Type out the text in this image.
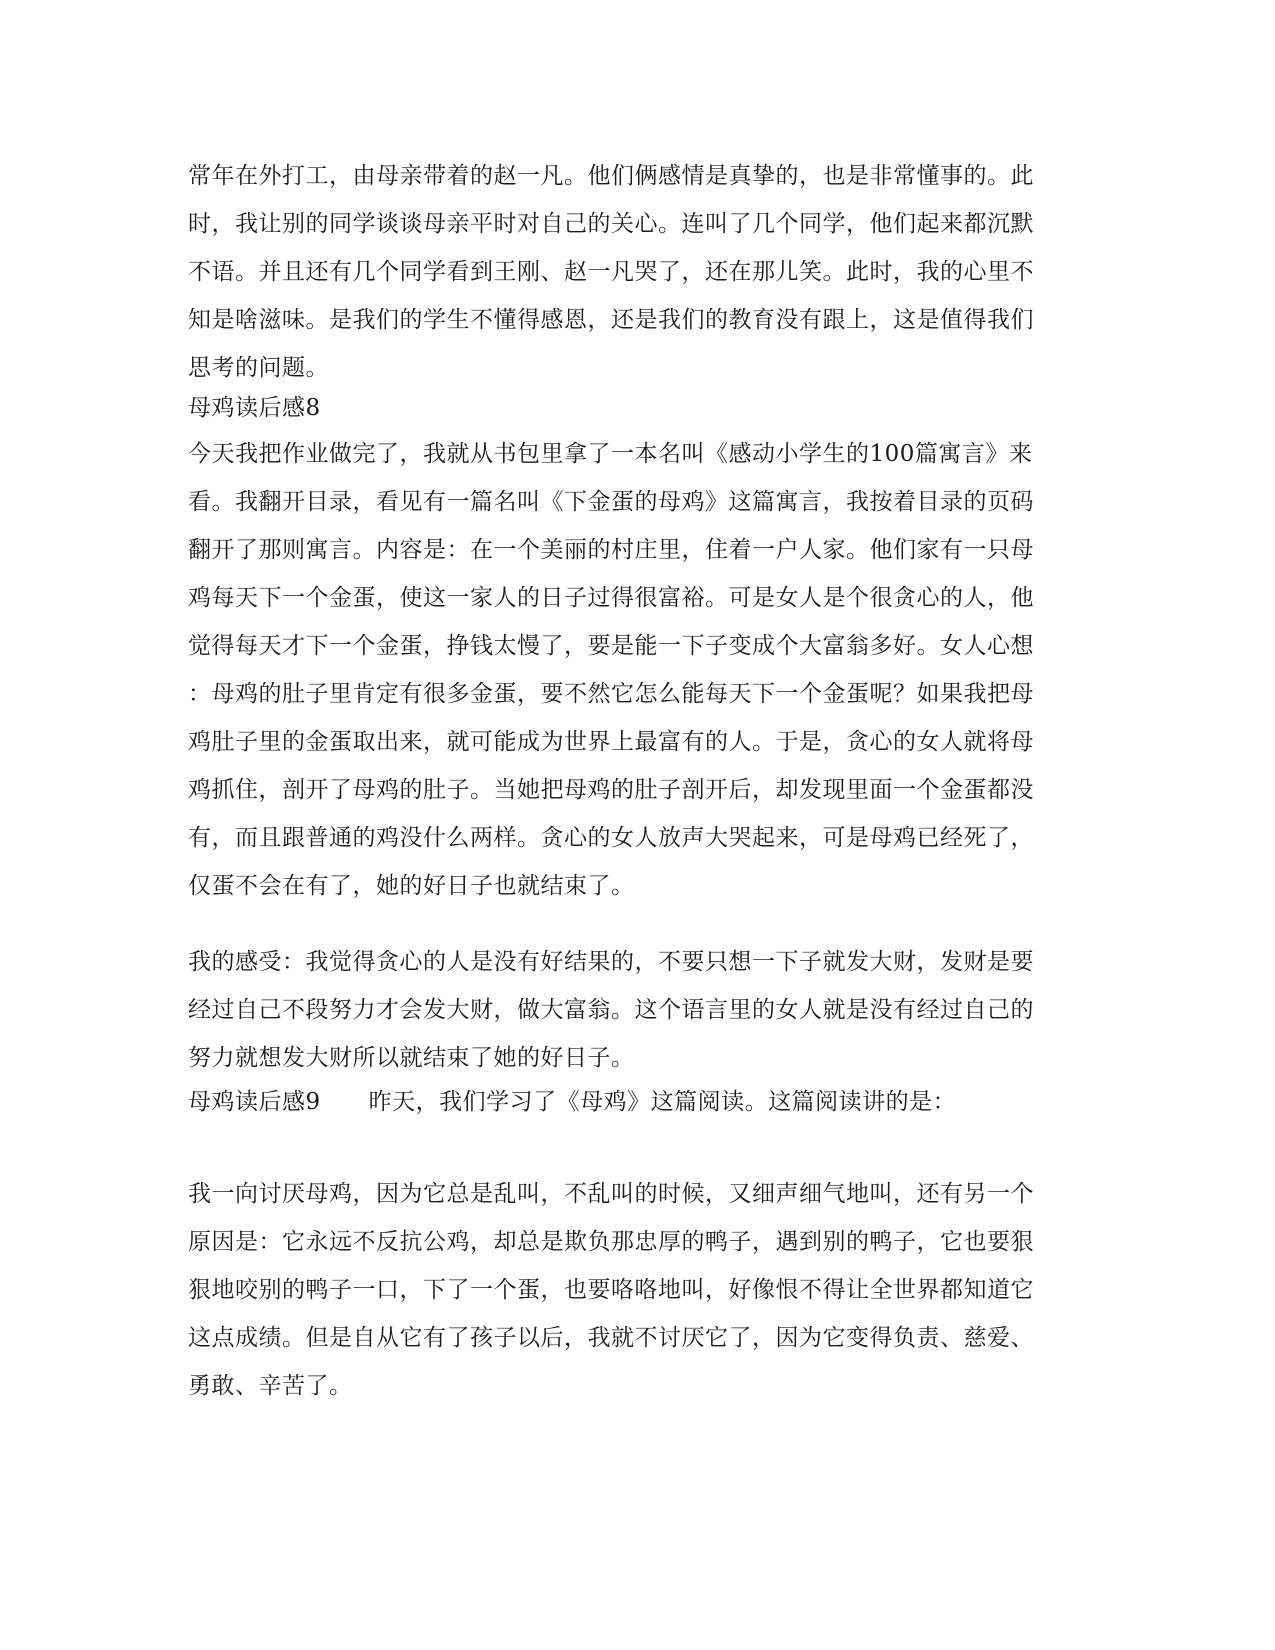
常年在外打工，由母亲带着的赵一凡。他们俩感情是真挚的，也是非常懂事的。此
时，我让别的同学谈谈母亲平时对自己的关心。连叫了几个同学，他们起来都沉默
不语。并且还有几个同学看到王刚、赵一凡哭了，还在那儿笑。此时，我的心里不
知是啥滋味。是我们的学生不懂得感恩，还是我们的教育没有跟上，这是值得我们
思考的问题。
母鸡读后感8
今天我把作业做完了，我就从书包里拿了一本名叫《感动小学生的100篇寓言》来
看。我翻开目录，看见有一篇名叫《下金蛋的母鸡》这篇寓言，我按着目录的页码
翻开了那则寓言。内容是：在一个美丽的村庄里，住着一户人家。他们家有一只母
鸡每天下一个金蛋，使这一家人的日子过得很富裕。可是女人是个很贪心的人，他
觉得每天才下一个金蛋，挣钱太慢了，要是能一下子变成个大富翁多好。女人心想
：母鸡的肚子里肯定有很多金蛋，要不然它怎么能每天下一个金蛋呢？如果我把母
鸡肚子里的金蛋取出来，就可能成为世界上最富有的人。于是，贪心的女人就将母
鸡抓住，剖开了母鸡的肚子。当她把母鸡的肚子剖开后，却发现里面一个金蛋都没
有，而且跟普通的鸡没什么两样。贪心的女人放声大哭起来，可是母鸡已经死了，
仅蛋不会在有了，她的好日子也就结束了。
我的感受：我觉得贪心的人是没有好结果的，不要只想一下子就发大财，发财是要
经过自己不段努力才会发大财，做大富翁。这个语言里的女人就是没有经过自己的
努力就想发大财所以就结束了她的好日子。
母鸡读后感9 昨天，我们学习了《母鸡》这篇阅读。这篇阅读讲的是：
我一向讨厌母鸡，因为它总是乱叫，不乱叫的时候，又细声细气地叫，还有另一个
原因是：它永远不反抗公鸡，却总是欺负那忠厚的鸭子，遇到别的鸭子，它也要狠
狠地咬别的鸭子一口，下了一个蛋，也要咯咯地叫，好像恨不得让全世界都知道它
这点成绩。但是自从它有了孩子以后，我就不讨厌它了，因为它变得负责、慈爱、
勇敢、辛苦了。
